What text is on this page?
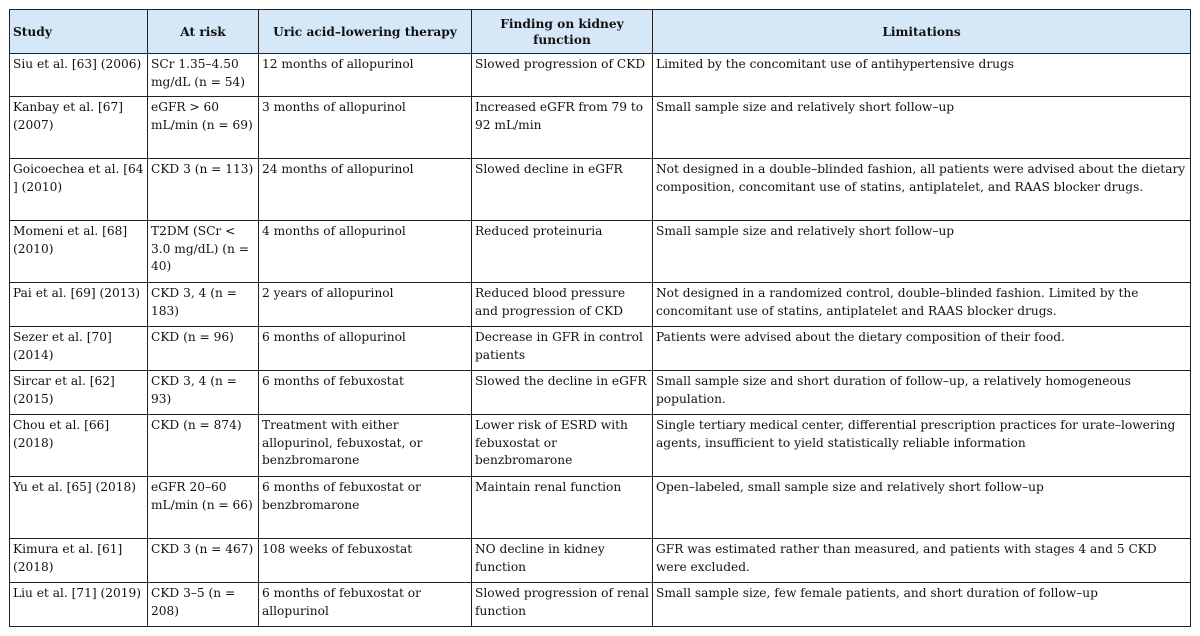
Study	At risk	Uric acid–lowering therapy	Finding on kidney function	Limitations
Siu et al. [63] (2006)	SCr 1.35–4.50 mg/dL (n = 54)	12 months of allopurinol	Slowed progression of CKD	Limited by the concomitant use of antihypertensive drugs
Kanbay et al. [67] (2007)	eGFR > 60 mL/min (n = 69)	3 months of allopurinol	Increased eGFR from 79 to 92 mL/min	Small sample size and relatively short follow–up
Goicoechea et al. [64 ] (2010)	CKD 3 (n = 113)	24 months of allopurinol	Slowed decline in eGFR	Not designed in a double–blinded fashion, all patients were advised about the dietary composition, concomitant use of statins, antiplatelet, and RAAS blocker drugs.
Momeni et al. [68] (2010)	T2DM (SCr < 3.0 mg/dL) (n = 40)	4 months of allopurinol	Reduced proteinuria	Small sample size and relatively short follow–up
Pai et al. [69] (2013)	CKD 3, 4 (n = 183)	2 years of allopurinol	Reduced blood pressure and progression of CKD	Not designed in a randomized control, double–blinded fashion. Limited by the concomitant use of statins, antiplatelet and RAAS blocker drugs.
Sezer et al. [70] (2014)	CKD (n = 96)	6 months of allopurinol	Decrease in GFR in control patients	Patients were advised about the dietary composition of their food.
Sircar et al. [62] (2015)	CKD 3, 4 (n = 93)	6 months of febuxostat	Slowed the decline in eGFR	Small sample size and short duration of follow–up, a relatively homogeneous population.
Chou et al. [66] (2018)	CKD (n = 874)	Treatment with either allopurinol, febuxostat, or benzbromarone	Lower risk of ESRD with febuxostat or benzbromarone	Single tertiary medical center, differential prescription practices for urate–lowering agents, insufficient to yield statistically reliable information
Yu et al. [65] (2018)	eGFR 20–60 mL/min (n = 66)	6 months of febuxostat or benzbromarone	Maintain renal function	Open–labeled, small sample size and relatively short follow–up
Kimura et al. [61] (2018)	CKD 3 (n = 467)	108 weeks of febuxostat	NO decline in kidney function	GFR was estimated rather than measured, and patients with stages 4 and 5 CKD were excluded.
Liu et al. [71] (2019)	CKD 3–5 (n = 208)	6 months of febuxostat or allopurinol	Slowed progression of renal function	Small sample size, few female patients, and short duration of follow–up
